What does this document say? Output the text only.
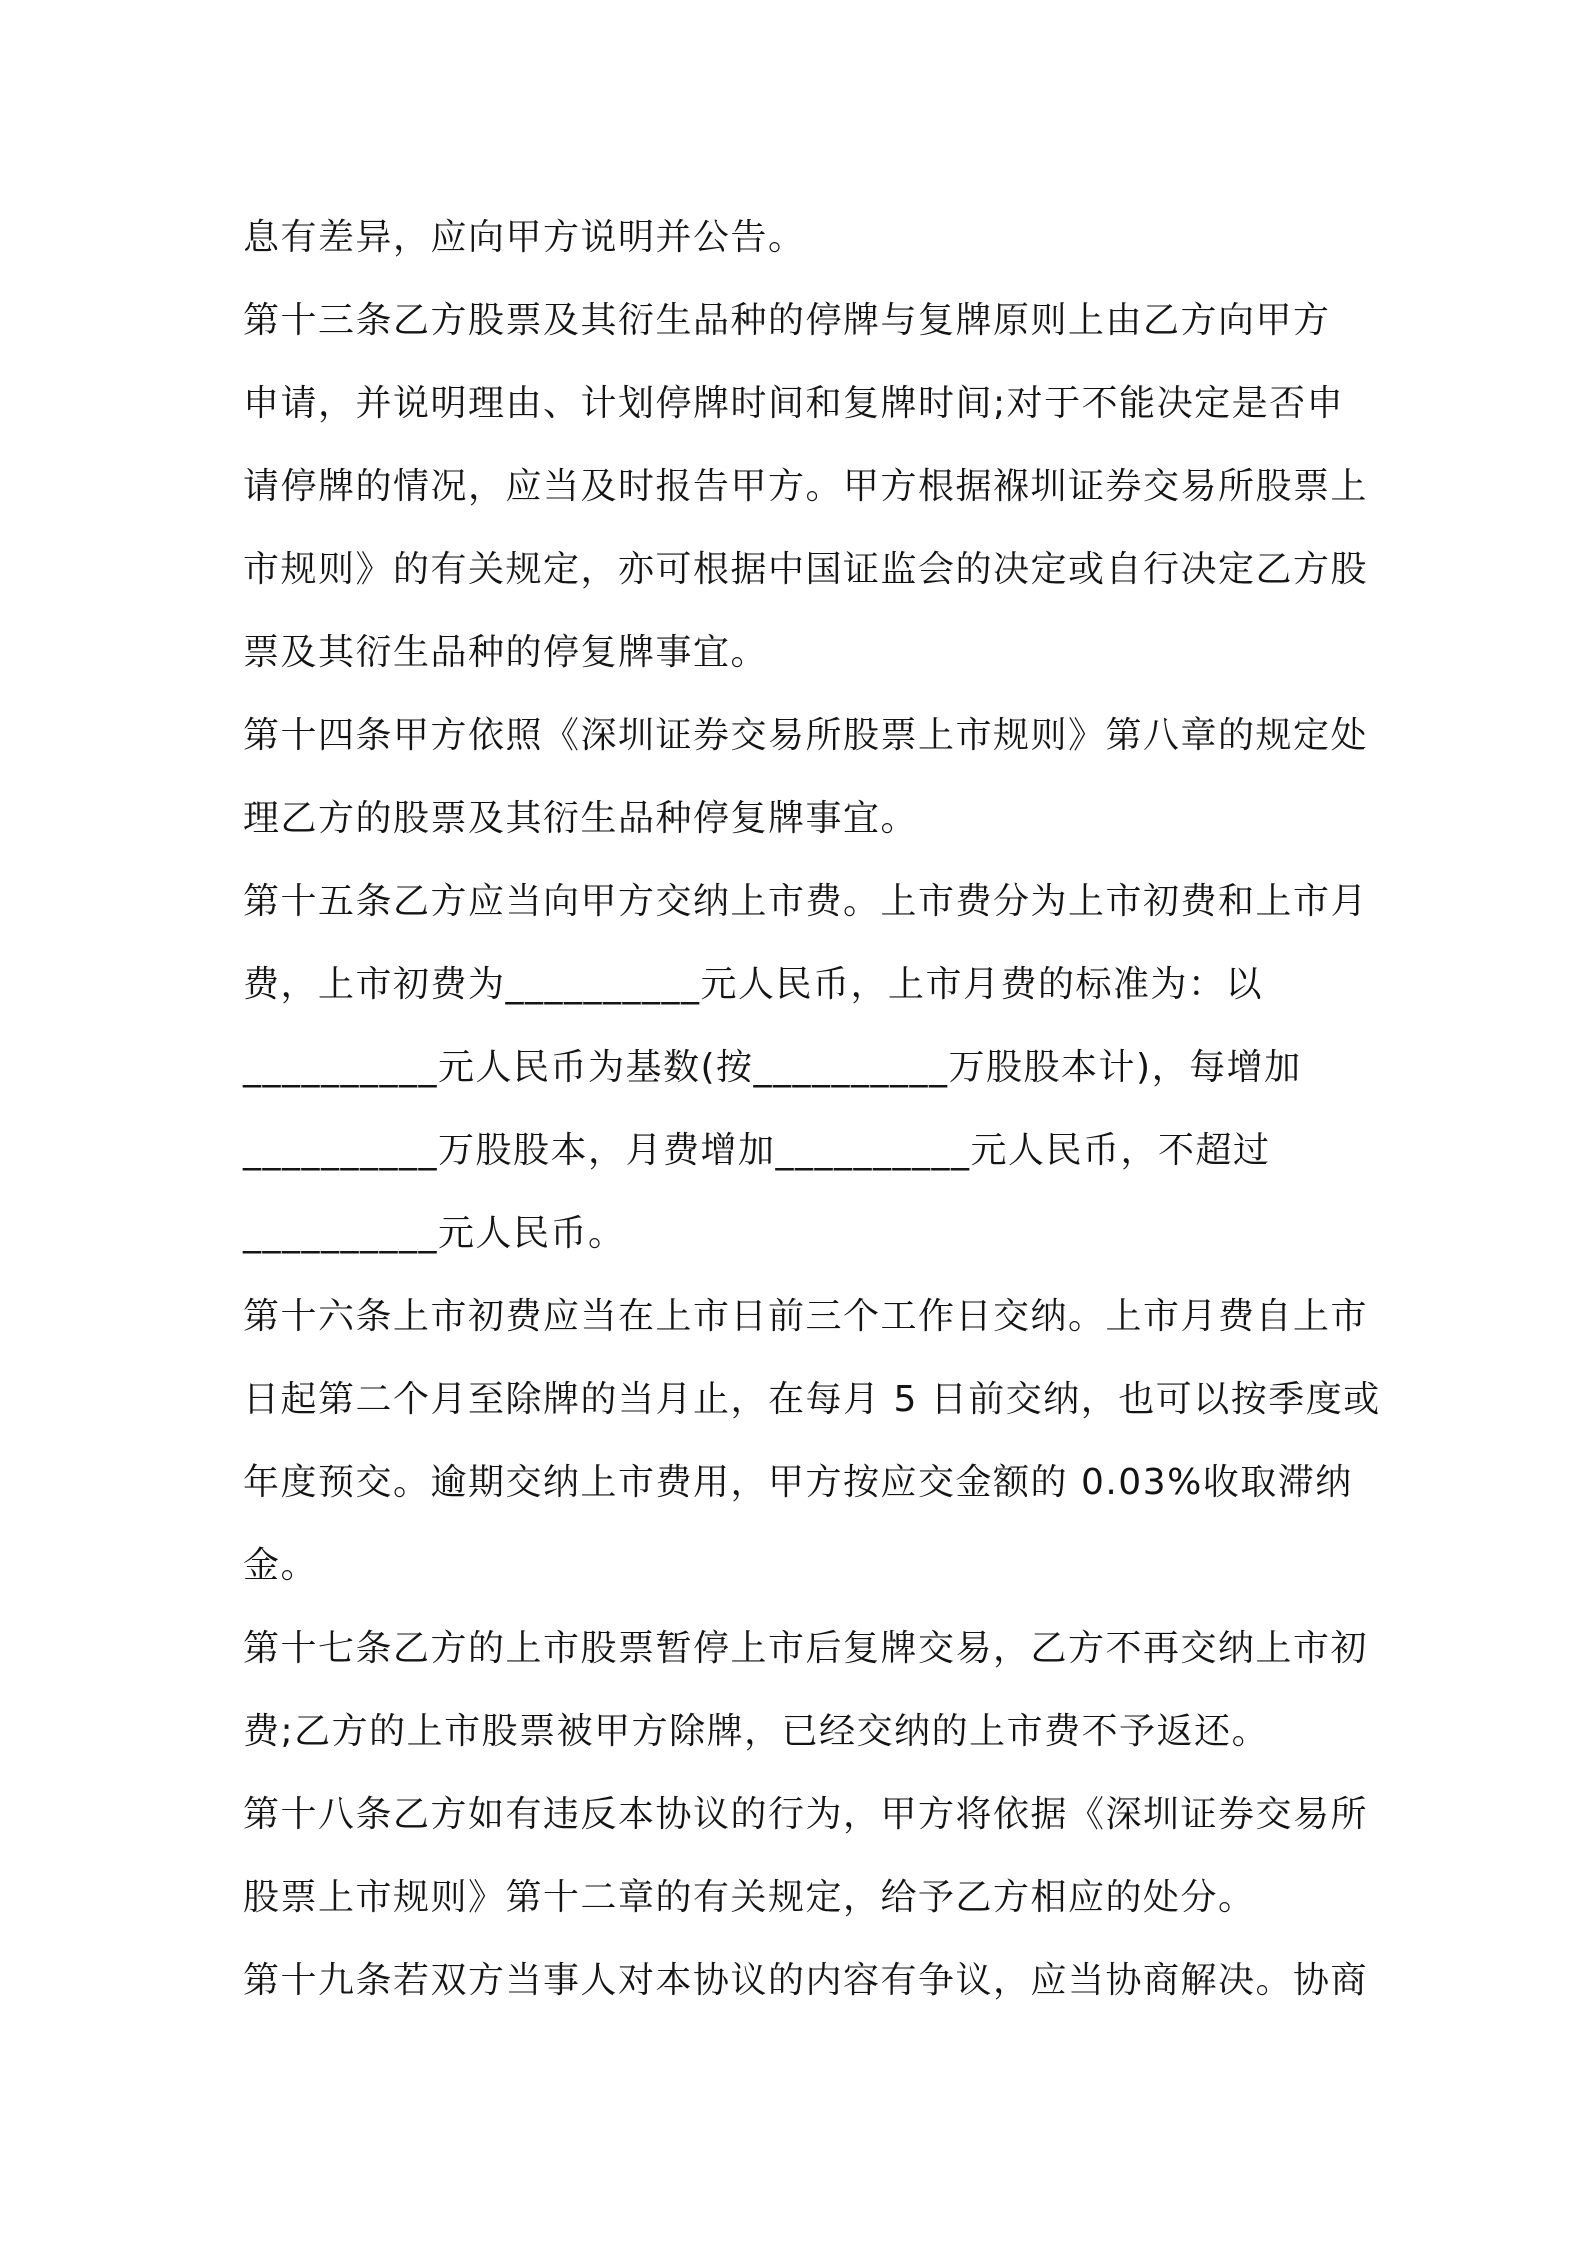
息有差异，应向甲方说明并公告。

第十三条乙方股票及其衍生品种的停牌与复牌原则上由乙方向甲方
申请，并说明理由、计划停牌时间和复牌时间;对于不能决定是否申
请停牌的情况，应当及时报告甲方。甲方根据褓圳证券交易所股票上
市规则》的有关规定，亦可根据中国证监会的决定或自行决定乙方股
票及其衍生品种的停复牌事宜。

第十四条甲方依照《深圳证券交易所股票上市规则》第八章的规定处
理乙方的股票及其衍生品种停复牌事宜。

第十五条乙方应当向甲方交纳上市费。上市费分为上市初费和上市月
费，上市初费为__________元人民币，上市月费的标准为：以
__________元人民币为基数(按__________万股股本计)，每增加
__________万股股本，月费增加__________元人民币，不超过
__________元人民币。

第十六条上市初费应当在上市日前三个工作日交纳。上市月费自上市
日起第二个月至除牌的当月止，在每月 5 日前交纳，也可以按季度或
年度预交。逾期交纳上市费用，甲方按应交金额的 0.03%收取滞纳
金。

第十七条乙方的上市股票暂停上市后复牌交易，乙方不再交纳上市初
费;乙方的上市股票被甲方除牌，已经交纳的上市费不予返还。

第十八条乙方如有违反本协议的行为，甲方将依据《深圳证券交易所
股票上市规则》第十二章的有关规定，给予乙方相应的处分。

第十九条若双方当事人对本协议的内容有争议，应当协商解决。协商
